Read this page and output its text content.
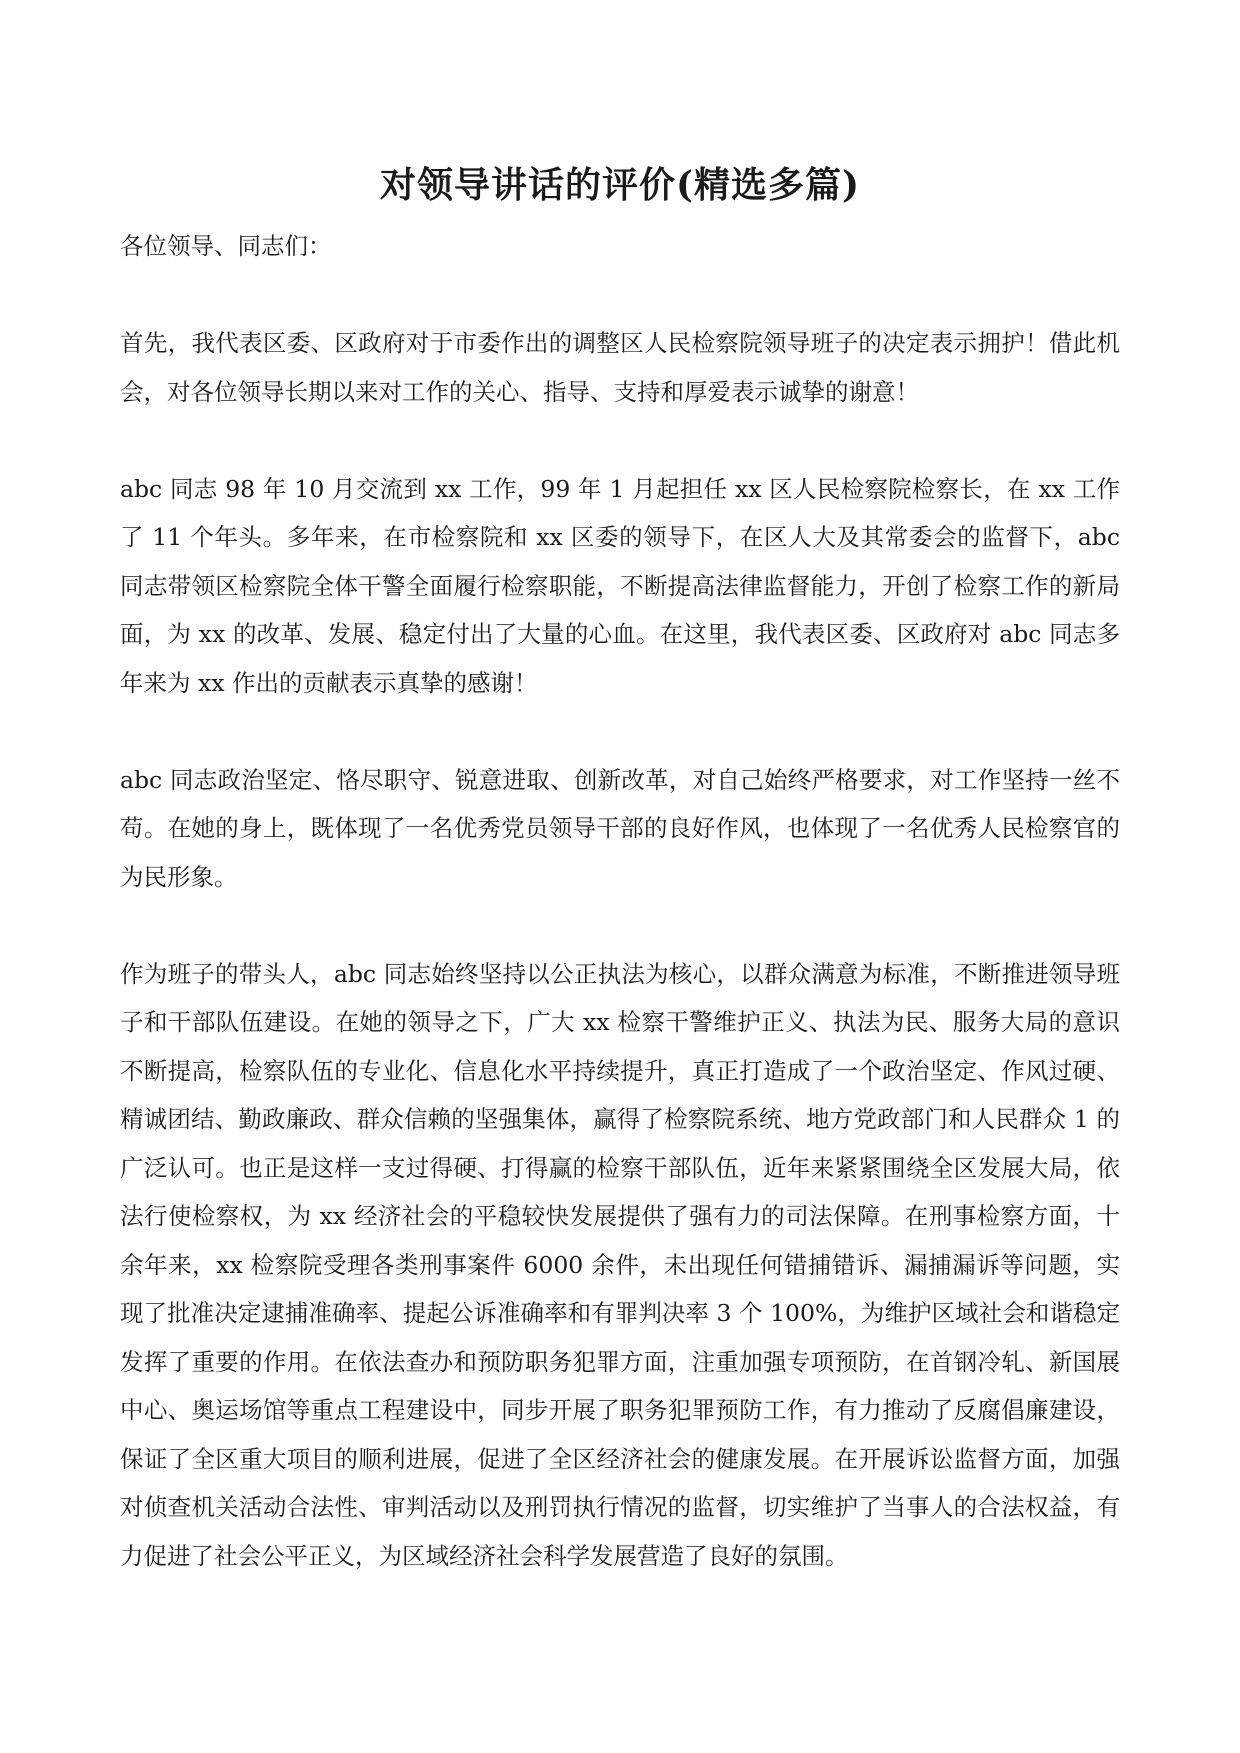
对领导讲话的评价(精选多篇)

各位领导、同志们：

首先，我代表区委、区政府对于市委作出的调整区人民检察院领导班子的决定表示拥护！借此机会，对各位领导长期以来对工作的关心、指导、支持和厚爱表示诚挚的谢意！

abc 同志 98 年 10 月交流到 xx 工作，99 年 1 月起担任 xx 区人民检察院检察长，在 xx 工作了 11 个年头。多年来，在市检察院和 xx 区委的领导下，在区人大及其常委会的监督下，abc 同志带领区检察院全体干警全面履行检察职能，不断提高法律监督能力，开创了检察工作的新局面，为 xx 的改革、发展、稳定付出了大量的心血。在这里，我代表区委、区政府对 abc 同志多年来为 xx 作出的贡献表示真挚的感谢！

abc 同志政治坚定、恪尽职守、锐意进取、创新改革，对自己始终严格要求，对工作坚持一丝不苟。在她的身上，既体现了一名优秀党员领导干部的良好作风，也体现了一名优秀人民检察官的为民形象。

作为班子的带头人，abc 同志始终坚持以公正执法为核心，以群众满意为标准，不断推进领导班子和干部队伍建设。在她的领导之下，广大 xx 检察干警维护正义、执法为民、服务大局的意识不断提高，检察队伍的专业化、信息化水平持续提升，真正打造成了一个政治坚定、作风过硬、精诚团结、勤政廉政、群众信赖的坚强集体，赢得了检察院系统、地方党政部门和人民群众 1 的广泛认可。也正是这样一支过得硬、打得赢的检察干部队伍，近年来紧紧围绕全区发展大局，依法行使检察权，为 xx 经济社会的平稳较快发展提供了强有力的司法保障。在刑事检察方面，十余年来，xx 检察院受理各类刑事案件 6000 余件，未出现任何错捕错诉、漏捕漏诉等问题，实现了批准决定逮捕准确率、提起公诉准确率和有罪判决率 3 个 100%，为维护区域社会和谐稳定发挥了重要的作用。在依法查办和预防职务犯罪方面，注重加强专项预防，在首钢冷轧、新国展中心、奥运场馆等重点工程建设中，同步开展了职务犯罪预防工作，有力推动了反腐倡廉建设，保证了全区重大项目的顺利进展，促进了全区经济社会的健康发展。在开展诉讼监督方面，加强对侦查机关活动合法性、审判活动以及刑罚执行情况的监督，切实维护了当事人的合法权益，有力促进了社会公平正义，为区域经济社会科学发展营造了良好的氛围。
